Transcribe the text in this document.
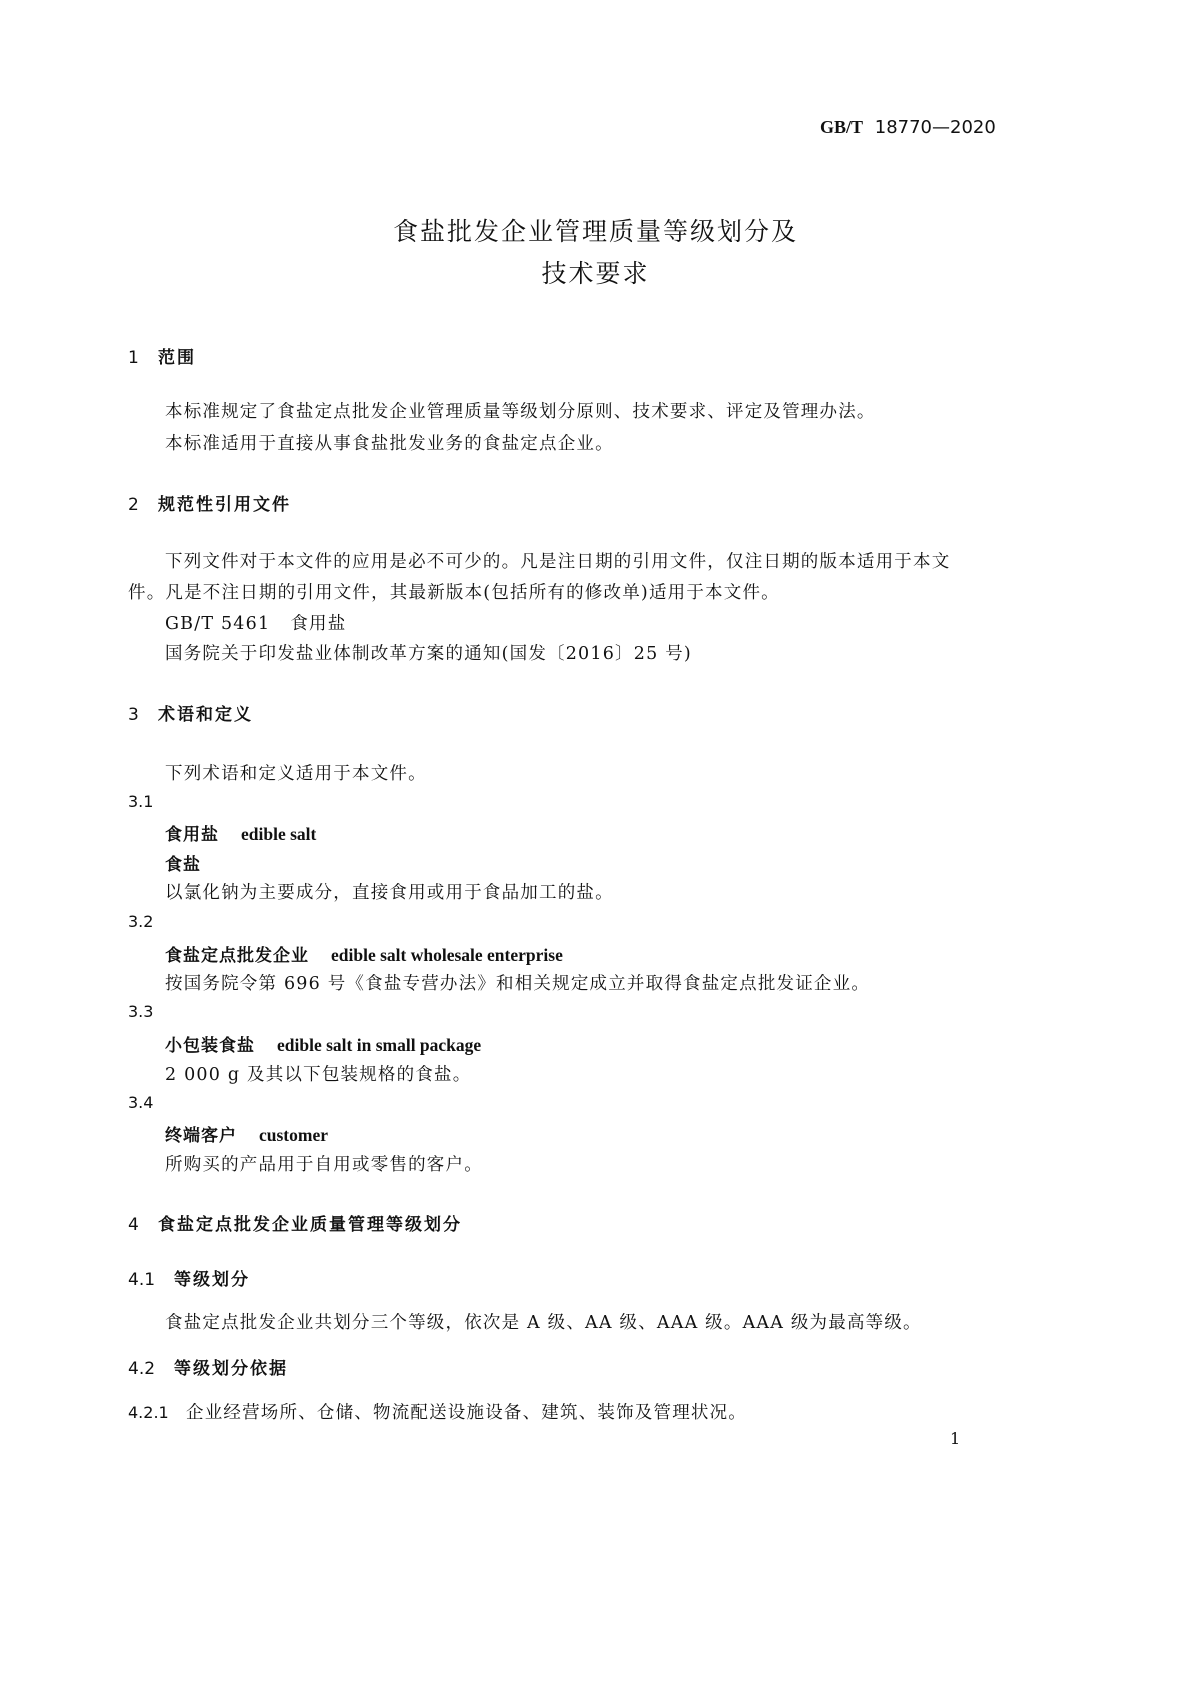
GB/T 18770—2020
食盐批发企业管理质量等级划分及
技术要求
1 范围
本标准规定了食盐定点批发企业管理质量等级划分原则、技术要求、评定及管理办法。
本标准适用于直接从事食盐批发业务的食盐定点企业。
2 规范性引用文件
下列文件对于本文件的应用是必不可少的。凡是注日期的引用文件，仅注日期的版本适用于本文
件。凡是不注日期的引用文件，其最新版本(包括所有的修改单)适用于本文件。
GB/T 5461 食用盐
国务院关于印发盐业体制改革方案的通知(国发〔2016〕25 号)
3 术语和定义
下列术语和定义适用于本文件。
3.1
食用盐 edible salt
食盐
以氯化钠为主要成分，直接食用或用于食品加工的盐。
3.2
食盐定点批发企业 edible salt wholesale enterprise
按国务院令第 696 号《食盐专营办法》和相关规定成立并取得食盐定点批发证企业。
3.3
小包装食盐 edible salt in small package
2 000 g 及其以下包装规格的食盐。
3.4
终端客户 customer
所购买的产品用于自用或零售的客户。
4 食盐定点批发企业质量管理等级划分
4.1 等级划分
食盐定点批发企业共划分三个等级，依次是 A 级、AA 级、AAA 级。AAA 级为最高等级。
4.2 等级划分依据
4.2.1 企业经营场所、仓储、物流配送设施设备、建筑、装饰及管理状况。
1
